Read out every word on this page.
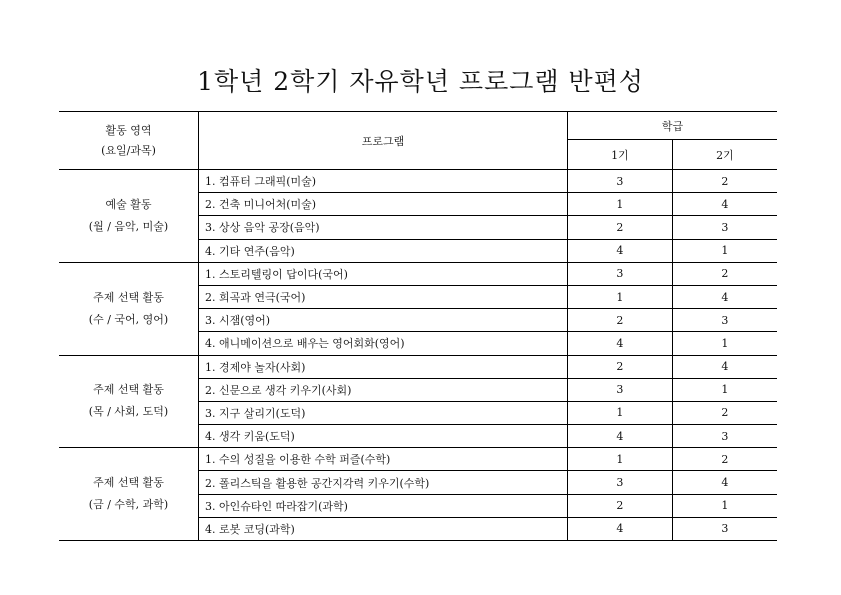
1학년 2학기 자유학년 프로그램 반편성
활동 영역
(요일/과목)	프로그램	학급	
		1기	2기
예술 활동
(월 / 음악, 미술)	1. 컴퓨터 그래픽(미술)	3	2
	2. 건축 미니어처(미술)	1	4
	3. 상상 음악 공장(음악)	2	3
	4. 기타 연주(음악)	4	1
주제 선택 활동
(수 / 국어, 영어)	1. 스토리텔링이 답이다(국어)	3	2
	2. 희곡과 연극(국어)	1	4
	3. 시잼(영어)	2	3
	4. 애니메이션으로 배우는 영어회화(영어)	4	1
주제 선택 활동
(목 / 사회, 도덕)	1. 경제야 놀자(사회)	2	4
	2. 신문으로 생각 키우기(사회)	3	1
	3. 지구 살리기(도덕)	1	2
	4. 생각 키움(도덕)	4	3
주제 선택 활동
(금 / 수학, 과학)	1. 수의 성질을 이용한 수학 퍼즐(수학)	1	2
	2. 폴리스틱을 활용한 공간지각력 키우기(수학)	3	4
	3. 아인슈타인 따라잡기(과학)	2	1
	4. 로봇 코딩(과학)	4	3
